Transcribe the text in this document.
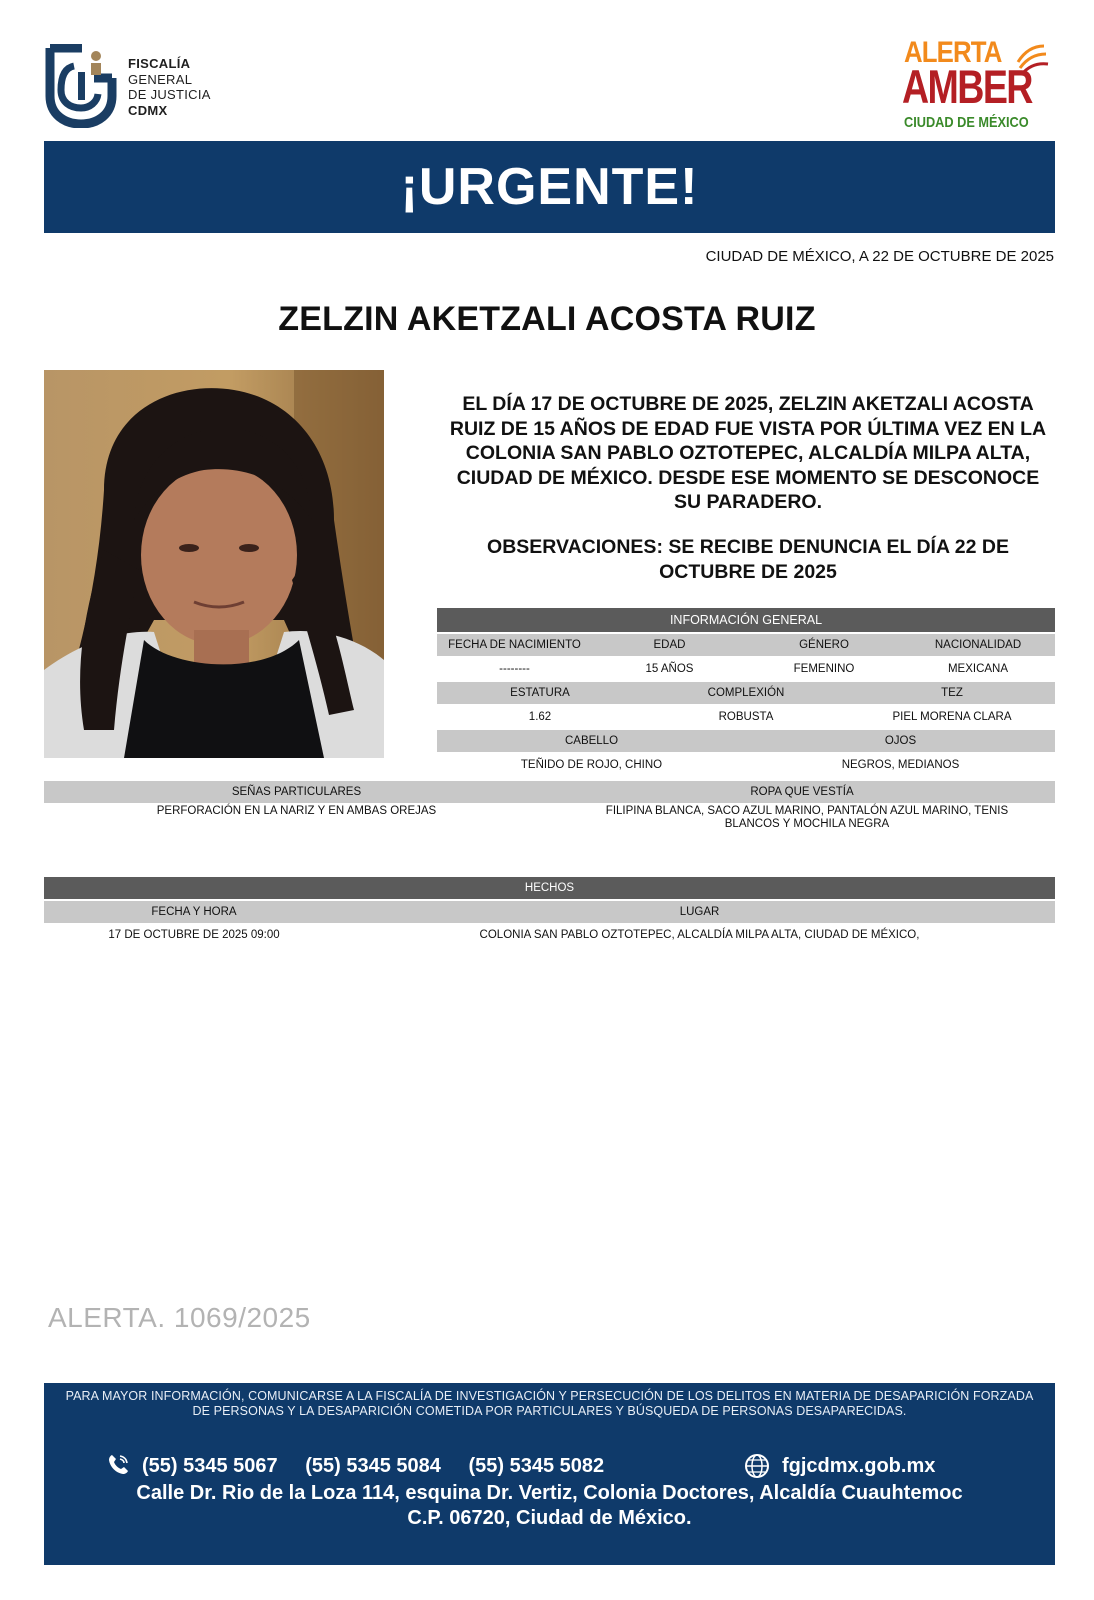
FISCALÍA
GENERAL
DE JUSTICIA
CDMX
ALERTA
AMBER
CIUDAD DE MÉXICO
¡URGENTE!
CIUDAD DE MÉXICO, A 22 DE OCTUBRE DE 2025
ZELZIN AKETZALI ACOSTA RUIZ
EL DÍA 17 DE OCTUBRE DE 2025, ZELZIN AKETZALI ACOSTA RUIZ DE 15 AÑOS DE EDAD FUE VISTA POR ÚLTIMA VEZ EN LA COLONIA SAN PABLO OZTOTEPEC, ALCALDÍA MILPA ALTA, CIUDAD DE MÉXICO. DESDE ESE MOMENTO SE DESCONOCE SU PARADERO.
OBSERVACIONES: SE RECIBE DENUNCIA EL DÍA 22 DE OCTUBRE DE 2025
INFORMACIÓN GENERAL
FECHA DE NACIMIENTO	EDAD	GÉNERO	NACIONALIDAD
--------	15 AÑOS	FEMENINO	MEXICANA
ESTATURA	COMPLEXIÓN	TEZ
1.62	ROBUSTA	PIEL MORENA CLARA
CABELLO	OJOS
TEÑIDO DE ROJO, CHINO	NEGROS, MEDIANOS
SEÑAS PARTICULARES	ROPA QUE VESTÍA
PERFORACIÓN EN LA NARIZ Y EN AMBAS OREJAS	FILIPINA BLANCA, SACO AZUL MARINO, PANTALÓN AZUL MARINO, TENIS BLANCOS Y MOCHILA NEGRA
HECHOS
FECHA Y HORA	LUGAR
17 DE OCTUBRE DE 2025 09:00	COLONIA SAN PABLO OZTOTEPEC, ALCALDÍA MILPA ALTA, CIUDAD DE MÉXICO,
ALERTA. 1069/2025
PARA MAYOR INFORMACIÓN, COMUNICARSE A LA FISCALÍA DE INVESTIGACIÓN Y PERSECUCIÓN DE LOS DELITOS EN MATERIA DE DESAPARICIÓN FORZADA DE PERSONAS Y LA DESAPARICIÓN COMETIDA POR PARTICULARES Y BÚSQUEDA DE PERSONAS DESAPARECIDAS.
(55) 5345 5067 (55) 5345 5084 (55) 5345 5082	fgjcdmx.gob.mx
Calle Dr. Rio de la Loza 114, esquina Dr. Vertiz, Colonia Doctores, Alcaldía Cuauhtemoc
C.P. 06720, Ciudad de México.
